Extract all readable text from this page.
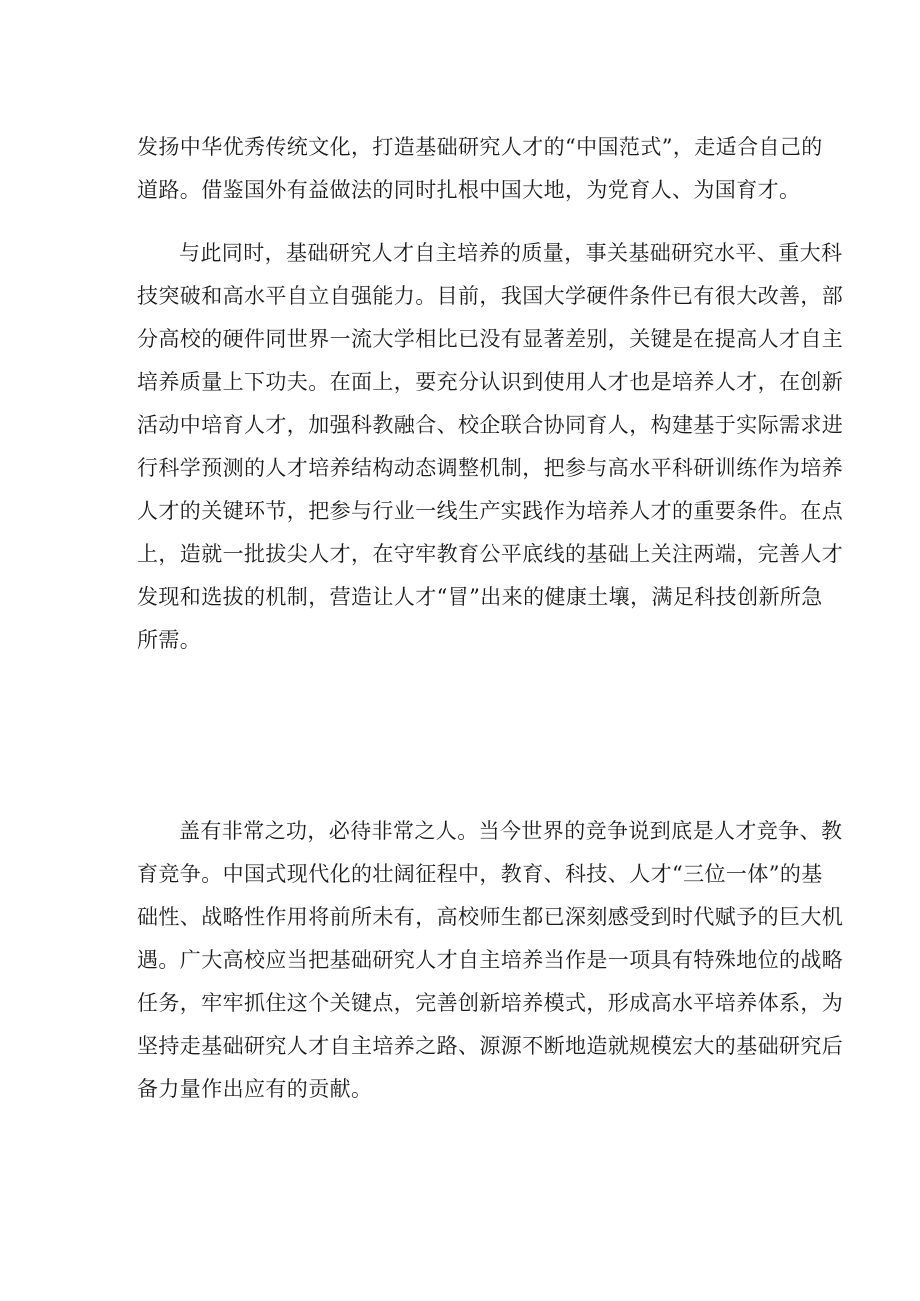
发扬中华优秀传统文化，打造基础研究人才的“中国范式”，走适合自己的
道路。借鉴国外有益做法的同时扎根中国大地，为党育人、为国育才。
与此同时，基础研究人才自主培养的质量，事关基础研究水平、重大科
技突破和高水平自立自强能力。目前，我国大学硬件条件已有很大改善，部
分高校的硬件同世界一流大学相比已没有显著差别，关键是在提高人才自主
培养质量上下功夫。在面上，要充分认识到使用人才也是培养人才，在创新
活动中培育人才，加强科教融合、校企联合协同育人，构建基于实际需求进
行科学预测的人才培养结构动态调整机制，把参与高水平科研训练作为培养
人才的关键环节，把参与行业一线生产实践作为培养人才的重要条件。在点
上，造就一批拔尖人才，在守牢教育公平底线的基础上关注两端，完善人才
发现和选拔的机制，营造让人才“冒”出来的健康土壤，满足科技创新所急
所需。
盖有非常之功，必待非常之人。当今世界的竞争说到底是人才竞争、教
育竞争。中国式现代化的壮阔征程中，教育、科技、人才“三位一体”的基
础性、战略性作用将前所未有，高校师生都已深刻感受到时代赋予的巨大机
遇。广大高校应当把基础研究人才自主培养当作是一项具有特殊地位的战略
任务，牢牢抓住这个关键点，完善创新培养模式，形成高水平培养体系，为
坚持走基础研究人才自主培养之路、源源不断地造就规模宏大的基础研究后
备力量作出应有的贡献。
